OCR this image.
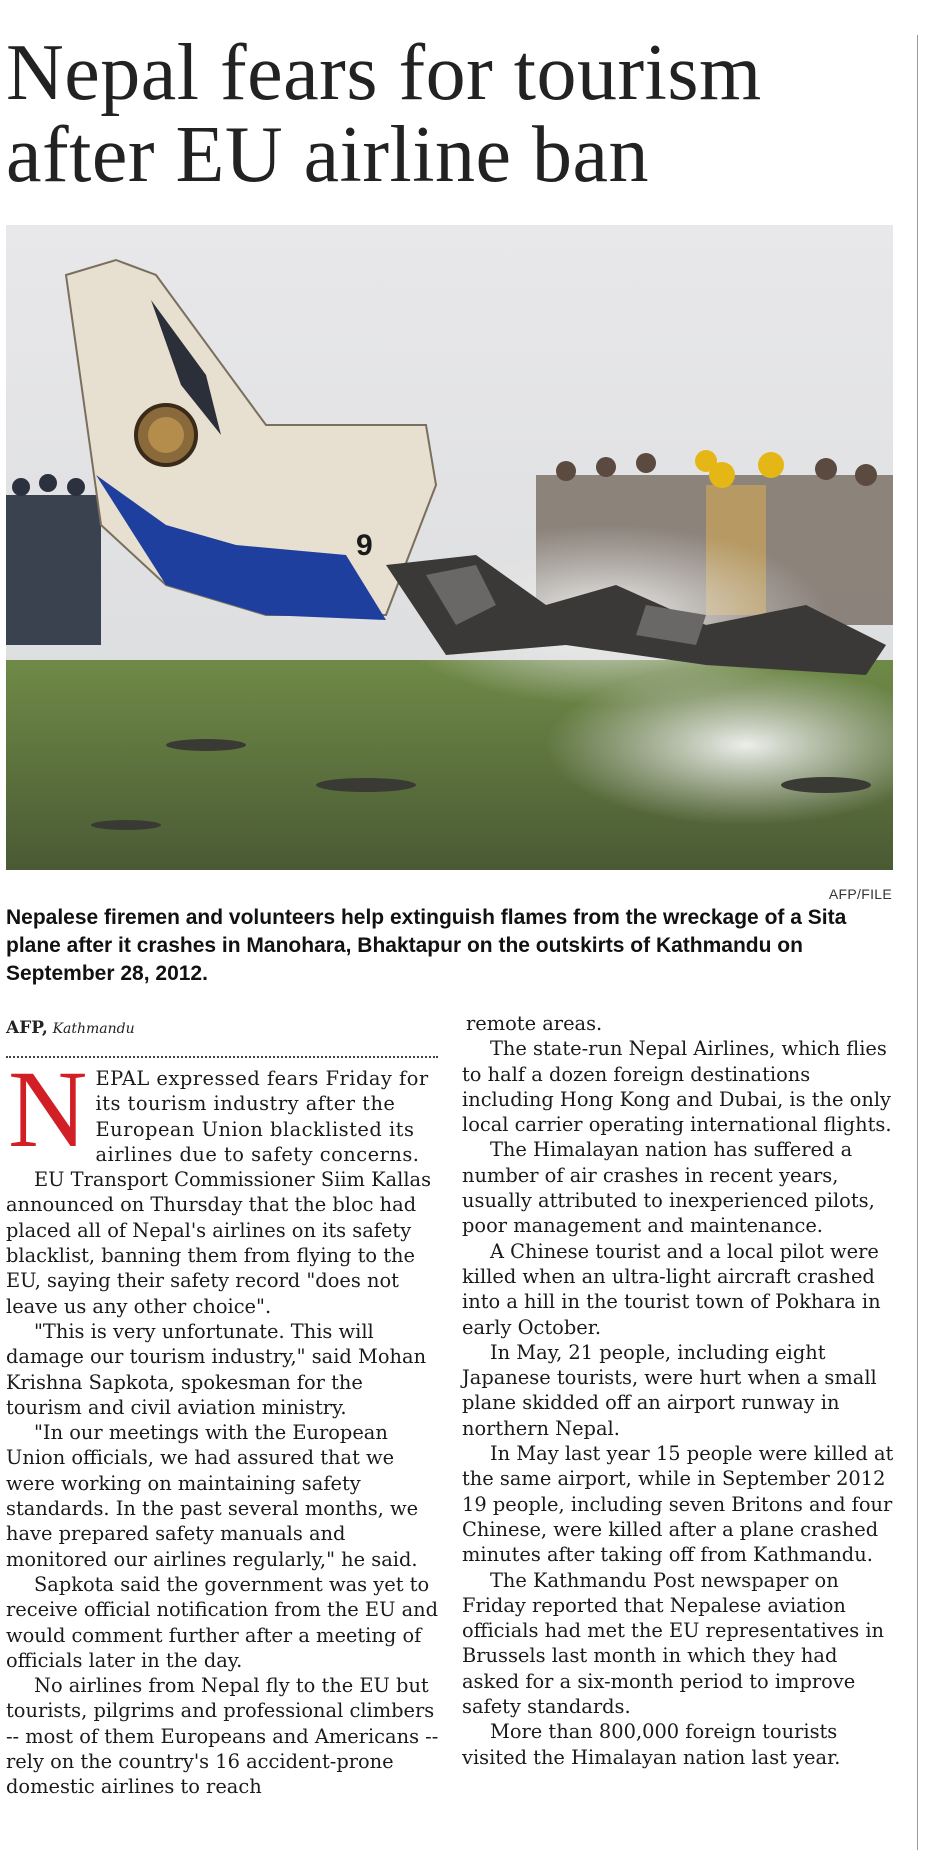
Nepal fears for tourism after EU airline ban
9
AFP/FILE

Nepalese firemen and volunteers help extinguish flames from the wreckage of a Sita plane after it crashes in Manohara, Bhaktapur on the outskirts of Kathmandu on September 28, 2012.

AFP, Kathmandu

NEPAL expressed fears Friday for its tourism industry after the European Union blacklisted its airlines due to safety concerns.

EU Transport Commissioner Siim Kallas announced on Thursday that the bloc had placed all of Nepal's airlines on its safety blacklist, banning them from flying to the EU, saying their safety record "does not leave us any other choice".

"This is very unfortunate. This will damage our tourism industry," said Mohan Krishna Sapkota, spokesman for the tourism and civil aviation ministry.

"In our meetings with the European Union officials, we had assured that we were working on maintaining safety standards. In the past several months, we have prepared safety manuals and monitored our airlines regularly," he said.

Sapkota said the government was yet to receive official notification from the EU and would comment further after a meeting of officials later in the day.

No airlines from Nepal fly to the EU but tourists, pilgrims and professional climbers -- most of them Europeans and Americans -- rely on the country's 16 accident-prone domestic airlines to reach

remote areas.

The state-run Nepal Airlines, which flies to half a dozen foreign destinations including Hong Kong and Dubai, is the only local carrier operating international flights.

The Himalayan nation has suffered a number of air crashes in recent years, usually attributed to inexperienced pilots, poor management and maintenance.

A Chinese tourist and a local pilot were killed when an ultra-light aircraft crashed into a hill in the tourist town of Pokhara in early October.

In May, 21 people, including eight Japanese tourists, were hurt when a small plane skidded off an airport runway in northern Nepal.

In May last year 15 people were killed at the same airport, while in September 2012 19 people, including seven Britons and four Chinese, were killed after a plane crashed minutes after taking off from Kathmandu.

The Kathmandu Post newspaper on Friday reported that Nepalese aviation officials had met the EU representatives in Brussels last month in which they had asked for a six-month period to improve safety standards.

More than 800,000 foreign tourists visited the Himalayan nation last year.
